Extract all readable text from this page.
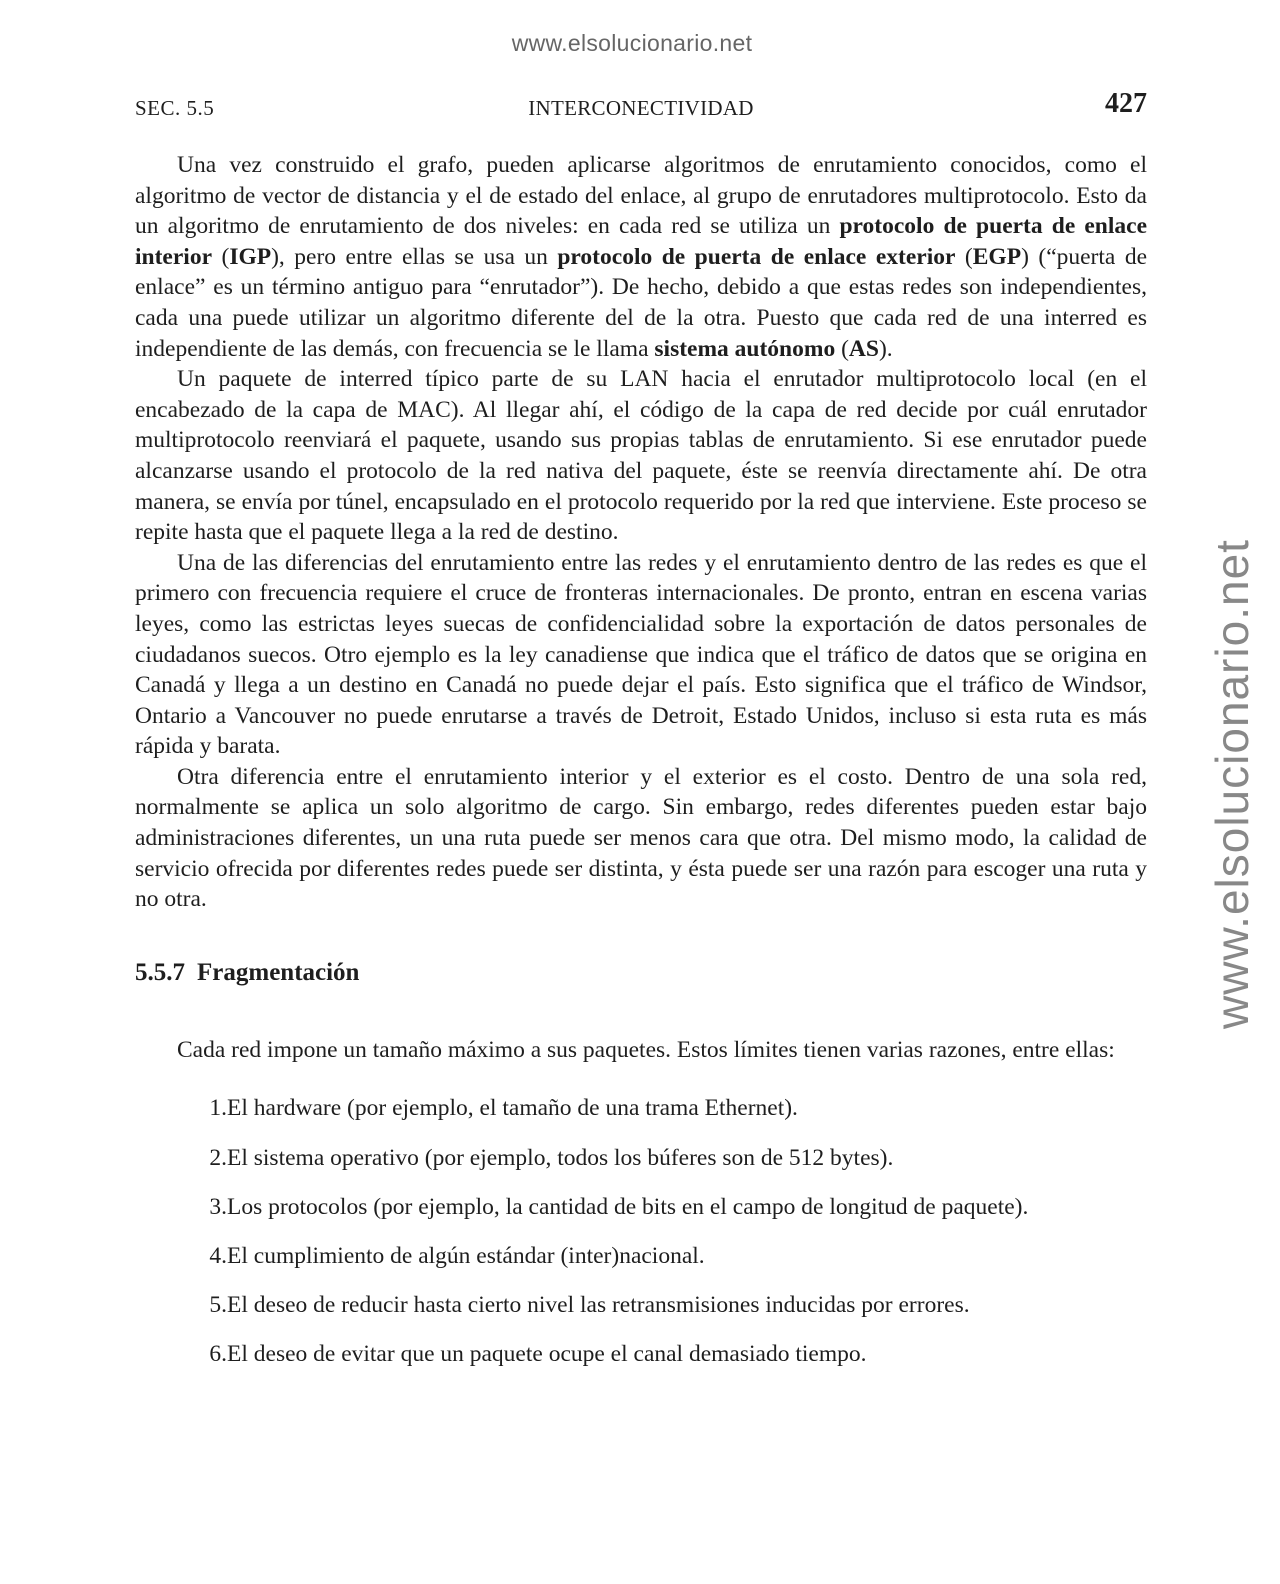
www.elsolucionario.net
www.elsolucionario.net
SEC. 5.5	INTERCONECTIVIDAD	427

Una vez construido el grafo, pueden aplicarse algoritmos de enrutamiento conocidos, como el algoritmo de vector de distancia y el de estado del enlace, al grupo de enrutadores multiprotocolo. Esto da un algoritmo de enrutamiento de dos niveles: en cada red se utiliza un protocolo de puerta de enlace interior (IGP), pero entre ellas se usa un protocolo de puerta de enlace exterior (EGP) (“puerta de enlace” es un término antiguo para “enrutador”). De hecho, debido a que estas redes son independientes, cada una puede utilizar un algoritmo diferente del de la otra. Puesto que cada red de una interred es independiente de las demás, con frecuencia se le llama sistema autónomo (AS).

Un paquete de interred típico parte de su LAN hacia el enrutador multiprotocolo local (en el encabezado de la capa de MAC). Al llegar ahí, el código de la capa de red decide por cuál enrutador multiprotocolo reenviará el paquete, usando sus propias tablas de enrutamiento. Si ese enrutador puede alcanzarse usando el protocolo de la red nativa del paquete, éste se reenvía directamente ahí. De otra manera, se envía por túnel, encapsulado en el protocolo requerido por la red que interviene. Este proceso se repite hasta que el paquete llega a la red de destino.

Una de las diferencias del enrutamiento entre las redes y el enrutamiento dentro de las redes es que el primero con frecuencia requiere el cruce de fronteras internacionales. De pronto, entran en escena varias leyes, como las estrictas leyes suecas de confidencialidad sobre la exportación de datos personales de ciudadanos suecos. Otro ejemplo es la ley canadiense que indica que el tráfico de datos que se origina en Canadá y llega a un destino en Canadá no puede dejar el país. Esto significa que el tráfico de Windsor, Ontario a Vancouver no puede enrutarse a través de Detroit, Estado Unidos, incluso si esta ruta es más rápida y barata.

Otra diferencia entre el enrutamiento interior y el exterior es el costo. Dentro de una sola red, normalmente se aplica un solo algoritmo de cargo. Sin embargo, redes diferentes pueden estar bajo administraciones diferentes, un una ruta puede ser menos cara que otra. Del mismo modo, la calidad de servicio ofrecida por diferentes redes puede ser distinta, y ésta puede ser una razón para escoger una ruta y no otra.

5.5.7 Fragmentación

Cada red impone un tamaño máximo a sus paquetes. Estos límites tienen varias razones, entre ellas:

1. El hardware (por ejemplo, el tamaño de una trama Ethernet).
2. El sistema operativo (por ejemplo, todos los búferes son de 512 bytes).
3. Los protocolos (por ejemplo, la cantidad de bits en el campo de longitud de paquete).
4. El cumplimiento de algún estándar (inter)nacional.
5. El deseo de reducir hasta cierto nivel las retransmisiones inducidas por errores.
6. El deseo de evitar que un paquete ocupe el canal demasiado tiempo.
